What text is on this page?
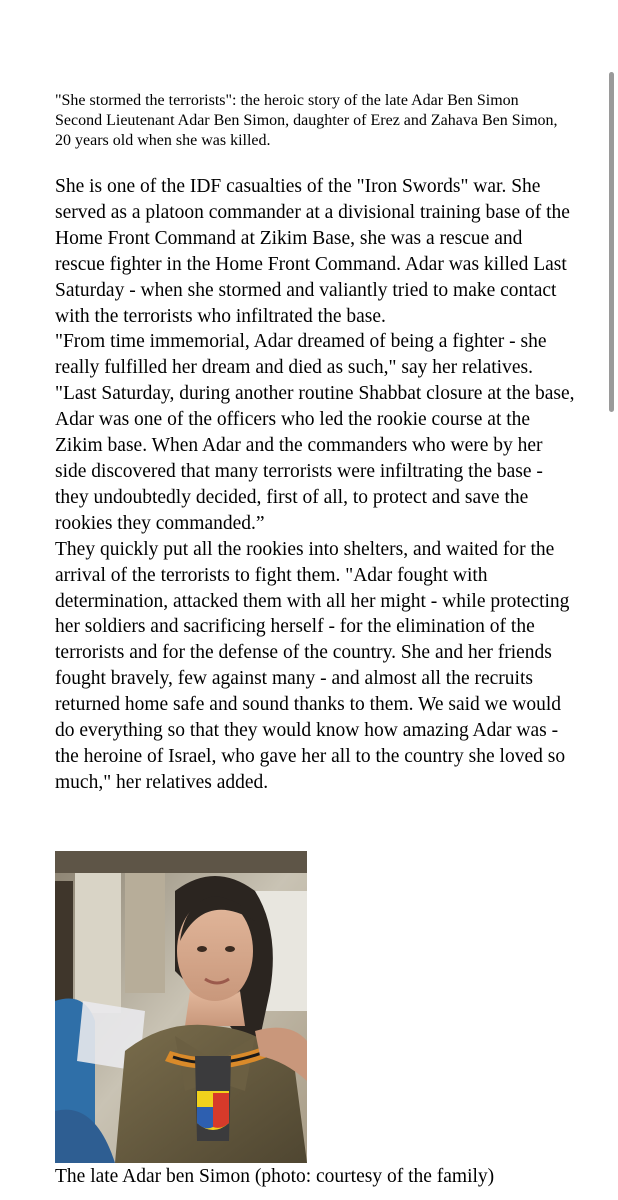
"She stormed the terrorists": the heroic story of the late Adar Ben Simon Second Lieutenant Adar Ben Simon, daughter of Erez and Zahava Ben Simon, 20 years old when she was killed.

She is one of the IDF casualties of the "Iron Swords" war. She served as a platoon commander at a divisional training base of the Home Front Command at Zikim Base, she was a rescue and rescue fighter in the Home Front Command. Adar was killed Last Saturday - when she stormed and valiantly tried to make contact with the terrorists who infiltrated the base.

"From time immemorial, Adar dreamed of being a fighter - she really fulfilled her dream and died as such," say her relatives. "Last Saturday, during another routine Shabbat closure at the base, Adar was one of the officers who led the rookie course at the Zikim base. When Adar and the commanders who were by her side discovered that many terrorists were infiltrating the base - they undoubtedly decided, first of all, to protect and save the rookies they commanded.”

They quickly put all the rookies into shelters, and waited for the arrival of the terrorists to fight them. "Adar fought with determination, attacked them with all her might - while protecting her soldiers and sacrificing herself - for the elimination of the terrorists and for the defense of the country. She and her friends fought bravely, few against many - and almost all the recruits returned home safe and sound thanks to them. We said we would do everything so that they would know how amazing Adar was - the heroine of Israel, who gave her all to the country she loved so much," her relatives added.

The late Adar ben Simon (photo: courtesy of the family)
